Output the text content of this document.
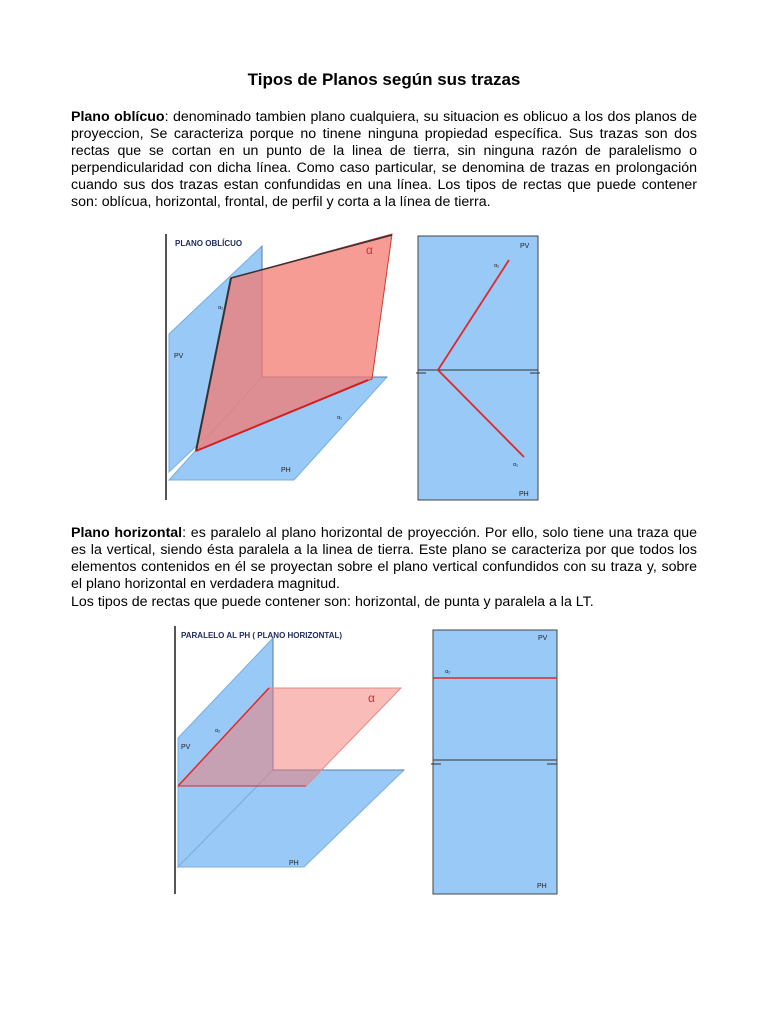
Tipos de Planos según sus trazas
Plano oblícuo: denominado tambien plano cualquiera, su situacion es oblicuo a los dos planos de proyeccion, Se caracteriza porque no tinene ninguna propiedad específica. Sus trazas son dos rectas que se cortan en un punto de la linea de tierra, sin ninguna razón de paralelismo o perpendicularidad con dicha línea. Como caso particular, se denomina de trazas en prolongación cuando sus dos trazas estan confundidas en una línea. Los tipos de rectas que puede contener son: oblícua, horizontal, frontal, de perfil y corta a la línea de tierra.
PLANO OBLÍCUO	α
PV
PH
α₂
α₁
PV
α₂
α₁
PH
Plano horizontal: es paralelo al plano horizontal de proyección. Por ello, solo tiene una traza que es la vertical, siendo ésta paralela a la linea de tierra. Este plano se caracteriza por que todos los elementos contenidos en él se proyectan sobre el plano vertical confundidos con su traza y, sobre el plano horizontal en verdadera magnitud.
Los tipos de rectas que puede contener son: horizontal, de punta y paralela a la LT.
PARALELO AL PH ( PLANO HORIZONTAL)
α
PV
α₂
PH
PV
α₂
PH
